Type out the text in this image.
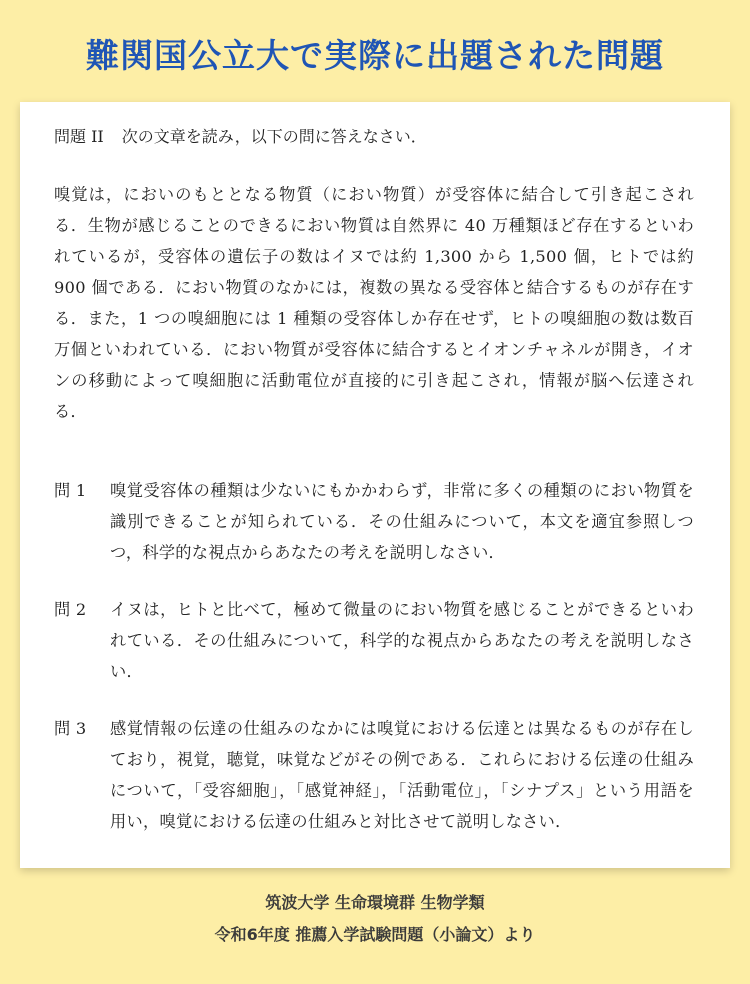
難関国公立大で実際に出題された問題
問題 II 次の文章を読み，以下の問に答えなさい．
嗅覚は，においのもととなる物質（におい物質）が受容体に結合して引き起こされる．生物が感じることのできるにおい物質は自然界に 40 万種類ほど存在するといわれているが，受容体の遺伝子の数はイヌでは約 1,300 から 1,500 個，ヒトでは約 900 個である．におい物質のなかには，複数の異なる受容体と結合するものが存在する．また，1 つの嗅細胞には 1 種類の受容体しか存在せず，ヒトの嗅細胞の数は数百万個といわれている．におい物質が受容体に結合するとイオンチャネルが開き，イオンの移動によって嗅細胞に活動電位が直接的に引き起こされ，情報が脳へ伝達される．
問 1	嗅覚受容体の種類は少ないにもかかわらず，非常に多くの種類のにおい物質を識別できることが知られている．その仕組みについて，本文を適宜参照しつつ，科学的な視点からあなたの考えを説明しなさい．
問 2	イヌは，ヒトと比べて，極めて微量のにおい物質を感じることができるといわれている．その仕組みについて，科学的な視点からあなたの考えを説明しなさい．
問 3	感覚情報の伝達の仕組みのなかには嗅覚における伝達とは異なるものが存在しており，視覚，聴覚，味覚などがその例である．これらにおける伝達の仕組みについて，「受容細胞」，「感覚神経」，「活動電位」，「シナプス」という用語を用い，嗅覚における伝達の仕組みと対比させて説明しなさい．
筑波大学 生命環境群 生物学類
令和6年度 推薦入学試験問題（小論文）より
